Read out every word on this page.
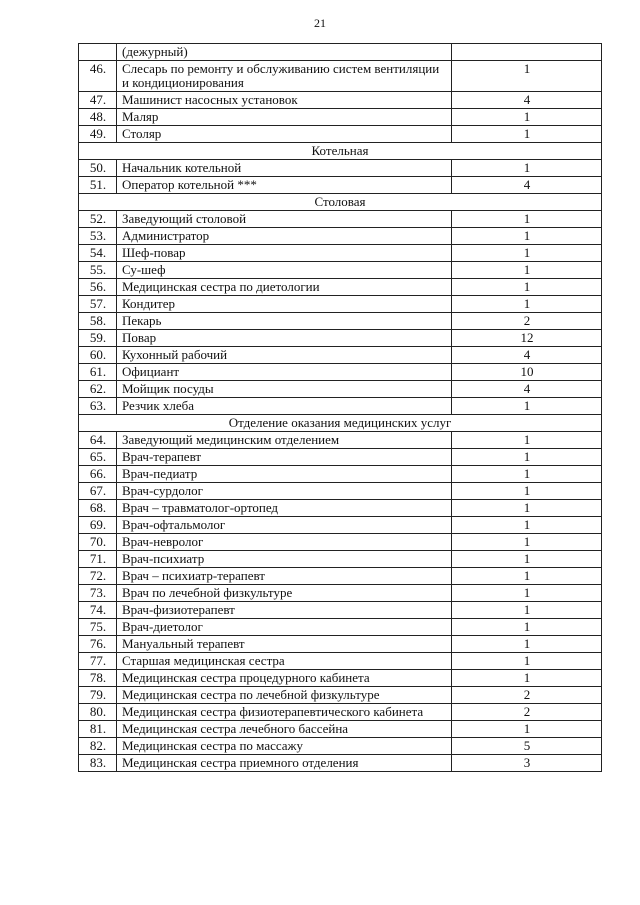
21
	(дежурный)	
46.	Слесарь по ремонту и обслуживанию систем вентиляции и кондиционирования	1
47.	Машинист насосных установок	4
48.	Маляр	1
49.	Столяр	1
Котельная		
50.	Начальник котельной	1
51.	Оператор котельной ***	4
Столовая		
52.	Заведующий столовой	1
53.	Администратор	1
54.	Шеф-повар	1
55.	Су-шеф	1
56.	Медицинская сестра по диетологии	1
57.	Кондитер	1
58.	Пекарь	2
59.	Повар	12
60.	Кухонный рабочий	4
61.	Официант	10
62.	Мойщик посуды	4
63.	Резчик хлеба	1
Отделение оказания медицинских услуг		
64.	Заведующий медицинским отделением	1
65.	Врач-терапевт	1
66.	Врач-педиатр	1
67.	Врач-сурдолог	1
68.	Врач – травматолог-ортопед	1
69.	Врач-офтальмолог	1
70.	Врач-невролог	1
71.	Врач-психиатр	1
72.	Врач – психиатр-терапевт	1
73.	Врач по лечебной физкультуре	1
74.	Врач-физиотерапевт	1
75.	Врач-диетолог	1
76.	Мануальный терапевт	1
77.	Старшая медицинская сестра	1
78.	Медицинская сестра процедурного кабинета	1
79.	Медицинская сестра по лечебной физкультуре	2
80.	Медицинская сестра физиотерапевтического кабинета	2
81.	Медицинская сестра лечебного бассейна	1
82.	Медицинская сестра по массажу	5
83.	Медицинская сестра приемного отделения	3
